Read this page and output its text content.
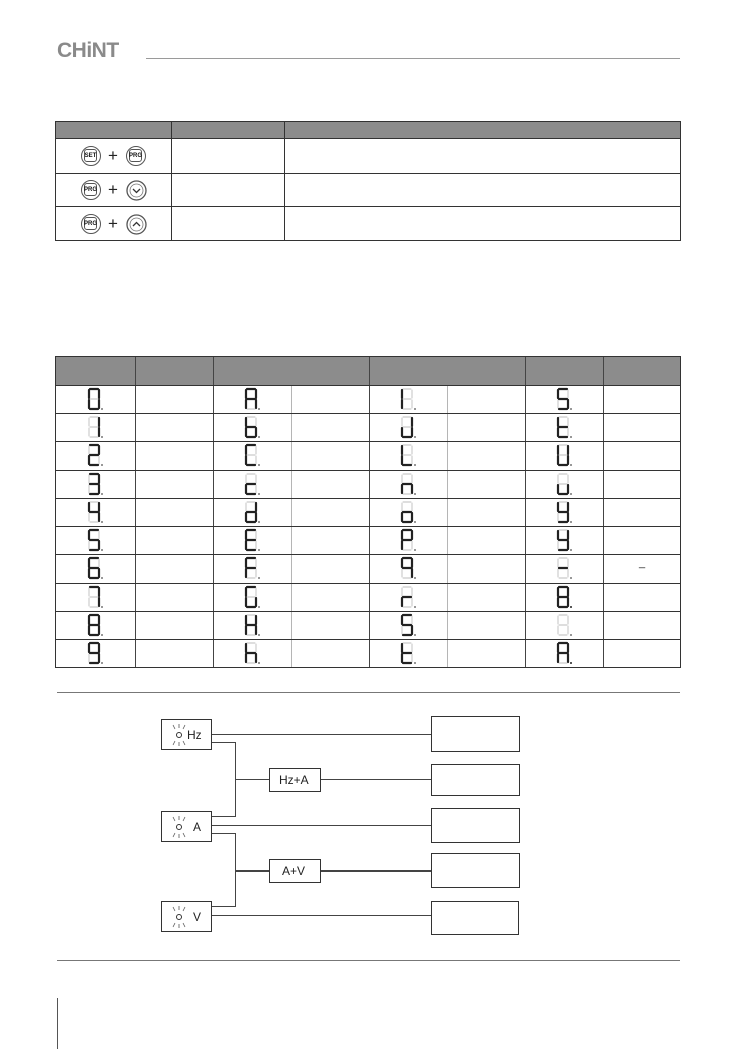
CHiNT
SET + PRG
PRG +
PRG +
_
Hz
A
V
Hz+A
A+V
